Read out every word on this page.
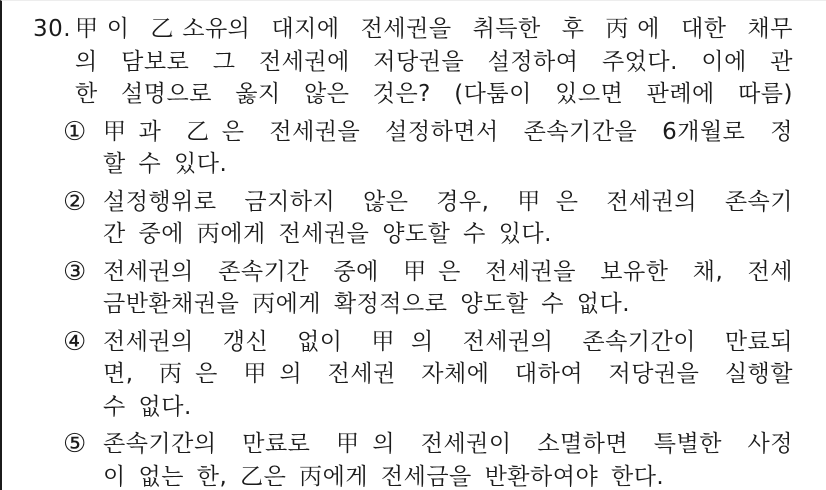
30. 甲이 乙소유의 대지에 전세권을 취득한 후 丙에 대한 채무
의 담보로 그 전세권에 저당권을 설정하여 주었다. 이에 관
한 설명으로 옳지 않은 것은? (다툼이 있으면 판례에 따름)
① 甲과 乙은 전세권을 설정하면서 존속기간을 6개월로 정
할 수 있다.
② 설정행위로 금지하지 않은 경우, 甲은 전세권의 존속기
간 중에 丙에게 전세권을 양도할 수 있다.
③ 전세권의 존속기간 중에 甲은 전세권을 보유한 채, 전세
금반환채권을 丙에게 확정적으로 양도할 수 없다.
④ 전세권의 갱신 없이 甲의 전세권의 존속기간이 만료되
면, 丙은 甲의 전세권 자체에 대하여 저당권을 실행할
수 없다.
⑤ 존속기간의 만료로 甲의 전세권이 소멸하면 특별한 사정
이 없는 한, 乙은 丙에게 전세금을 반환하여야 한다.
